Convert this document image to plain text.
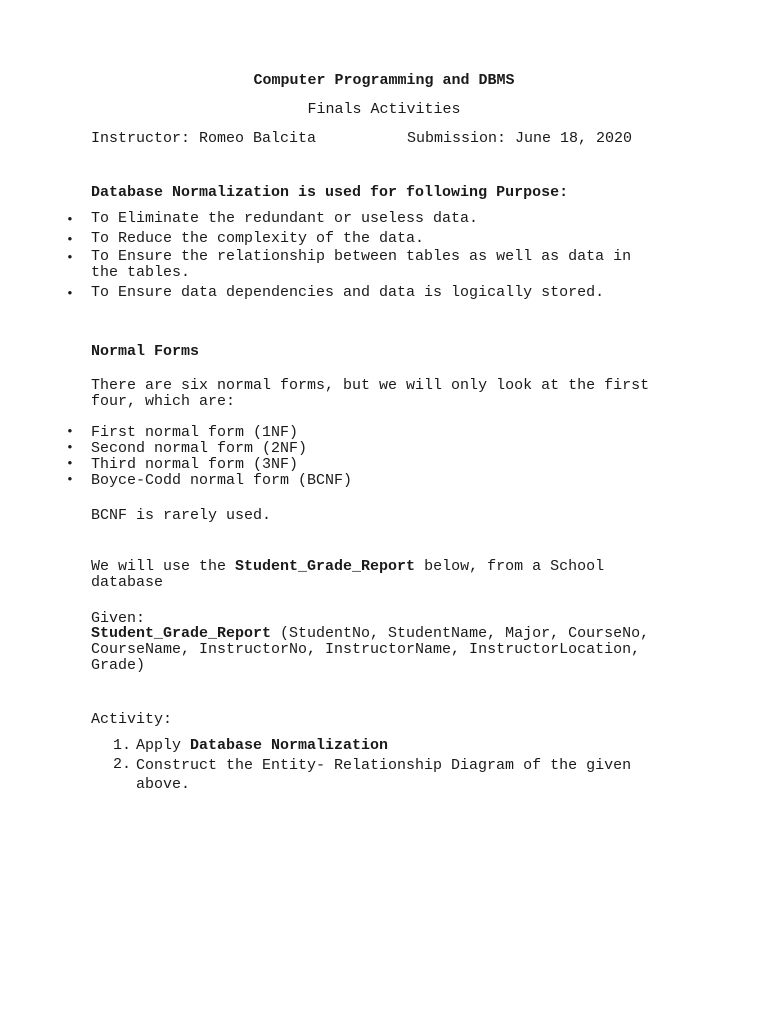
Computer Programming and DBMS
Finals Activities
Instructor: Romeo Balcita	Submission: June 18, 2020
Database Normalization is used for following Purpose:
• To Eliminate the redundant or useless data.
• To Reduce the complexity of the data.
• To Ensure the relationship between tables as well as data in the tables.
• To Ensure data dependencies and data is logically stored.
Normal Forms
There are six normal forms, but we will only look at the first four, which are:
• First normal form (1NF)
• Second normal form (2NF)
• Third normal form (3NF)
• Boyce-Codd normal form (BCNF)
BCNF is rarely used.
We will use the Student_Grade_Report below, from a School database
Given:
Student_Grade_Report (StudentNo, StudentName, Major, CourseNo, CourseName, InstructorNo, InstructorName, InstructorLocation, Grade)
Activity:
1. Apply Database Normalization
2. Construct the Entity- Relationship Diagram of the given above.
